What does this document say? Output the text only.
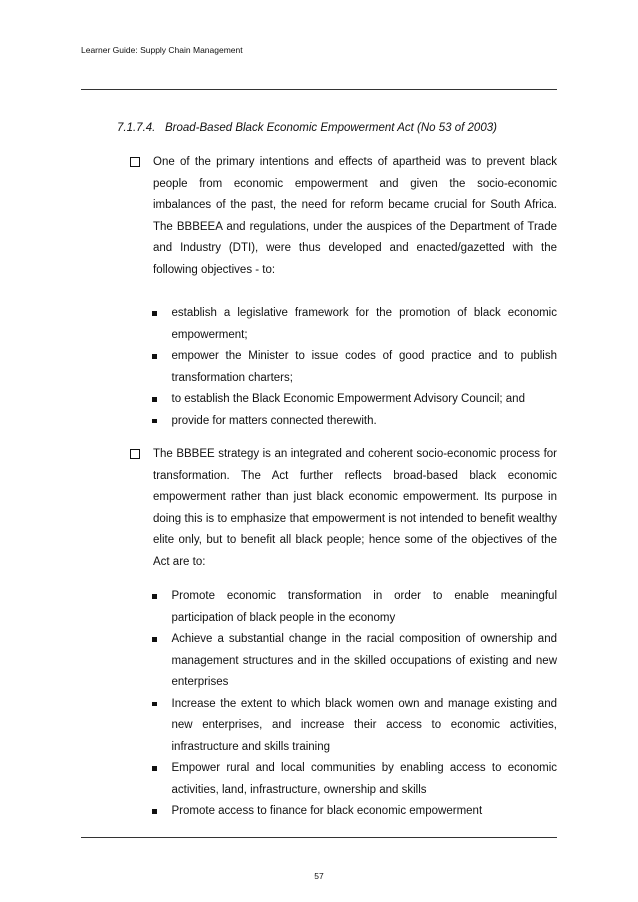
Learner Guide: Supply Chain Management
7.1.7.4. Broad-Based Black Economic Empowerment Act (No 53 of 2003)
One of the primary intentions and effects of apartheid was to prevent black people from economic empowerment and given the socio-economic imbalances of the past, the need for reform became crucial for South Africa. The BBBEEA and regulations, under the auspices of the Department of Trade and Industry (DTI), were thus developed and enacted/gazetted with the following objectives - to:
establish a legislative framework for the promotion of black economic empowerment;
empower the Minister to issue codes of good practice and to publish transformation charters;
to establish the Black Economic Empowerment Advisory Council; and
provide for matters connected therewith.
The BBBEE strategy is an integrated and coherent socio-economic process for transformation. The Act further reflects broad-based black economic empowerment rather than just black economic empowerment. Its purpose in doing this is to emphasize that empowerment is not intended to benefit wealthy elite only, but to benefit all black people; hence some of the objectives of the Act are to:
Promote economic transformation in order to enable meaningful participation of black people in the economy
Achieve a substantial change in the racial composition of ownership and management structures and in the skilled occupations of existing and new enterprises
Increase the extent to which black women own and manage existing and new enterprises, and increase their access to economic activities, infrastructure and skills training
Empower rural and local communities by enabling access to economic activities, land, infrastructure, ownership and skills
Promote access to finance for black economic empowerment
57
